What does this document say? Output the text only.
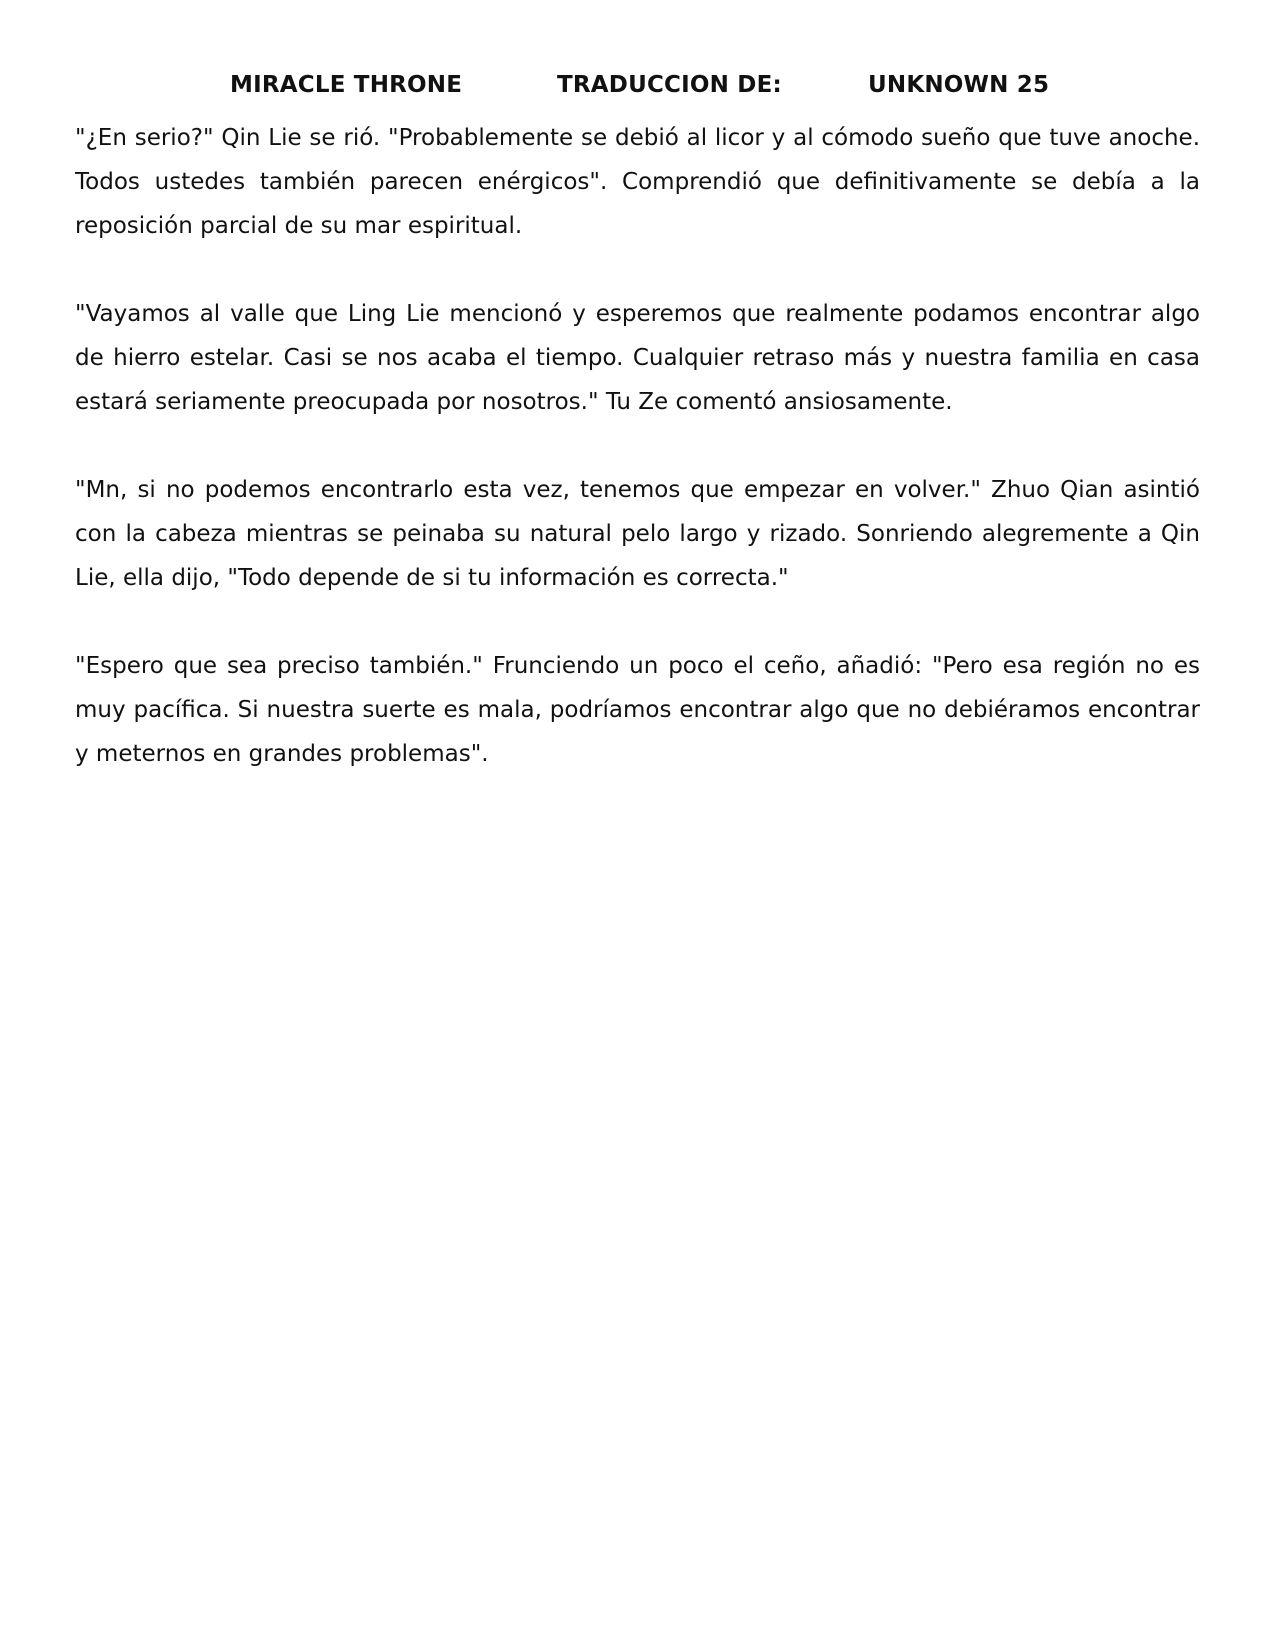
MIRACLE THRONE	TRADUCCION DE:	UNKNOWN 25

"¿En serio?" Qin Lie se rió. "Probablemente se debió al licor y al cómodo sueño que tuve anoche. Todos ustedes también parecen enérgicos". Comprendió que definitivamente se debía a la reposición parcial de su mar espiritual.

"Vayamos al valle que Ling Lie mencionó y esperemos que realmente podamos encontrar algo de hierro estelar. Casi se nos acaba el tiempo. Cualquier retraso más y nuestra familia en casa estará seriamente preocupada por nosotros." Tu Ze comentó ansiosamente.

"Mn, si no podemos encontrarlo esta vez, tenemos que empezar en volver." Zhuo Qian asintió con la cabeza mientras se peinaba su natural pelo largo y rizado. Sonriendo alegremente a Qin Lie, ella dijo, "Todo depende de si tu información es correcta."

"Espero que sea preciso también." Frunciendo un poco el ceño, añadió: "Pero esa región no es muy pacífica. Si nuestra suerte es mala, podríamos encontrar algo que no debiéramos encontrar y meternos en grandes problemas".
